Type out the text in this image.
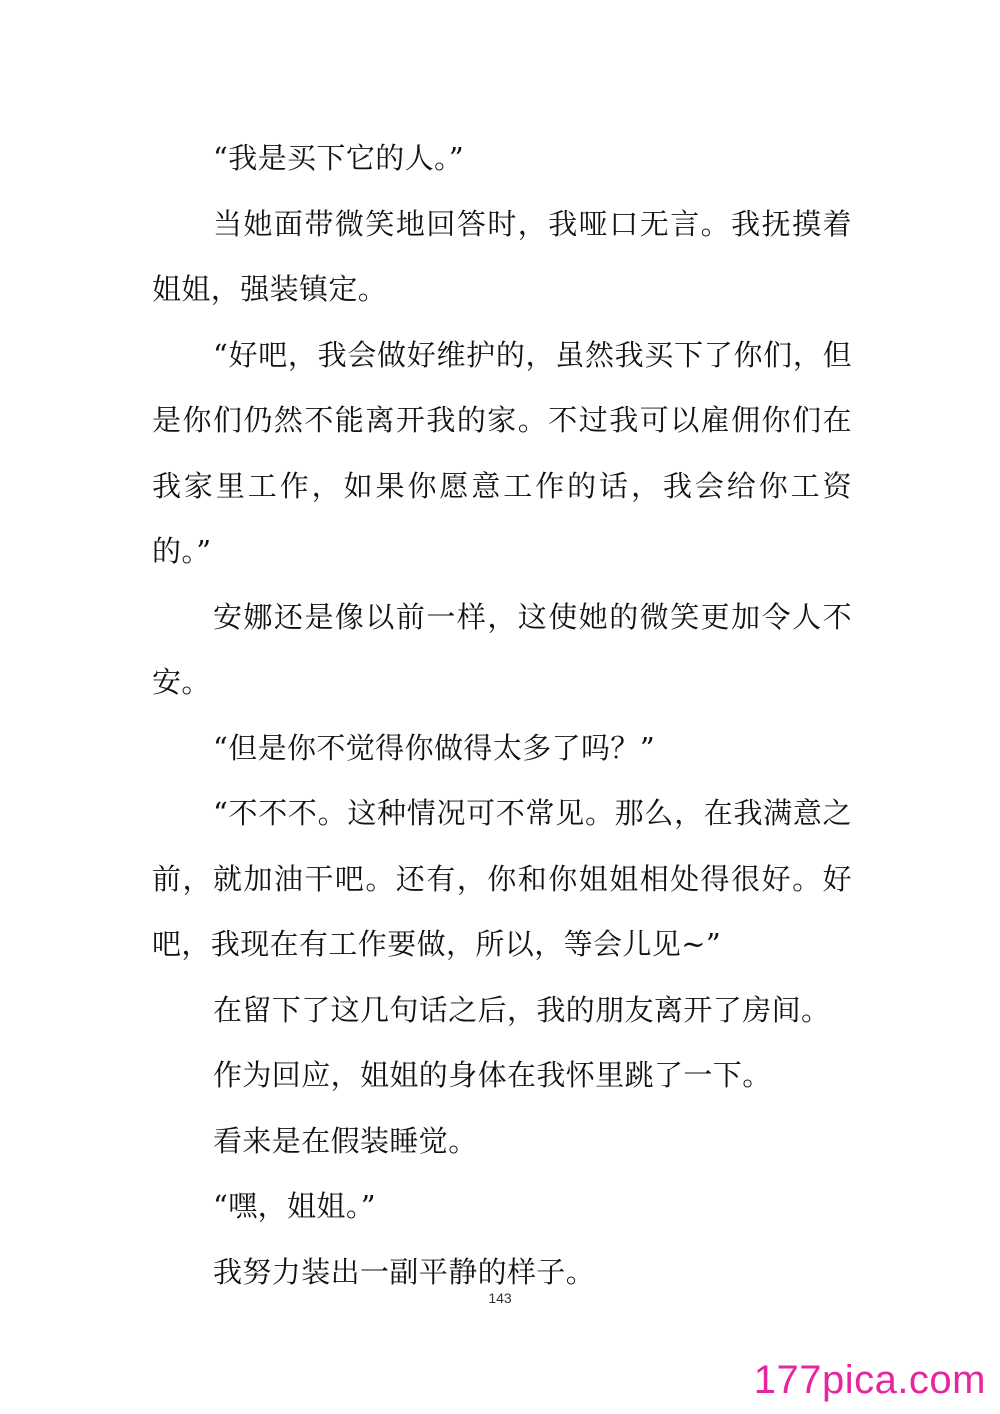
“我是买下它的人。”

当她面带微笑地回答时，我哑口无言。我抚摸着姐姐，强装镇定。

“好吧，我会做好维护的，虽然我买下了你们，但是你们仍然不能离开我的家。不过我可以雇佣你们在我家里工作，如果你愿意工作的话，我会给你工资的。”

安娜还是像以前一样，这使她的微笑更加令人不安。

“但是你不觉得你做得太多了吗？”

“不不不。这种情况可不常见。那么，在我满意之前，就加油干吧。还有，你和你姐姐相处得很好。好吧，我现在有工作要做，所以，等会儿见~”

在留下了这几句话之后，我的朋友离开了房间。

作为回应，姐姐的身体在我怀里跳了一下。

看来是在假装睡觉。

“嘿，姐姐。”

我努力装出一副平静的样子。

143
177pica.com
